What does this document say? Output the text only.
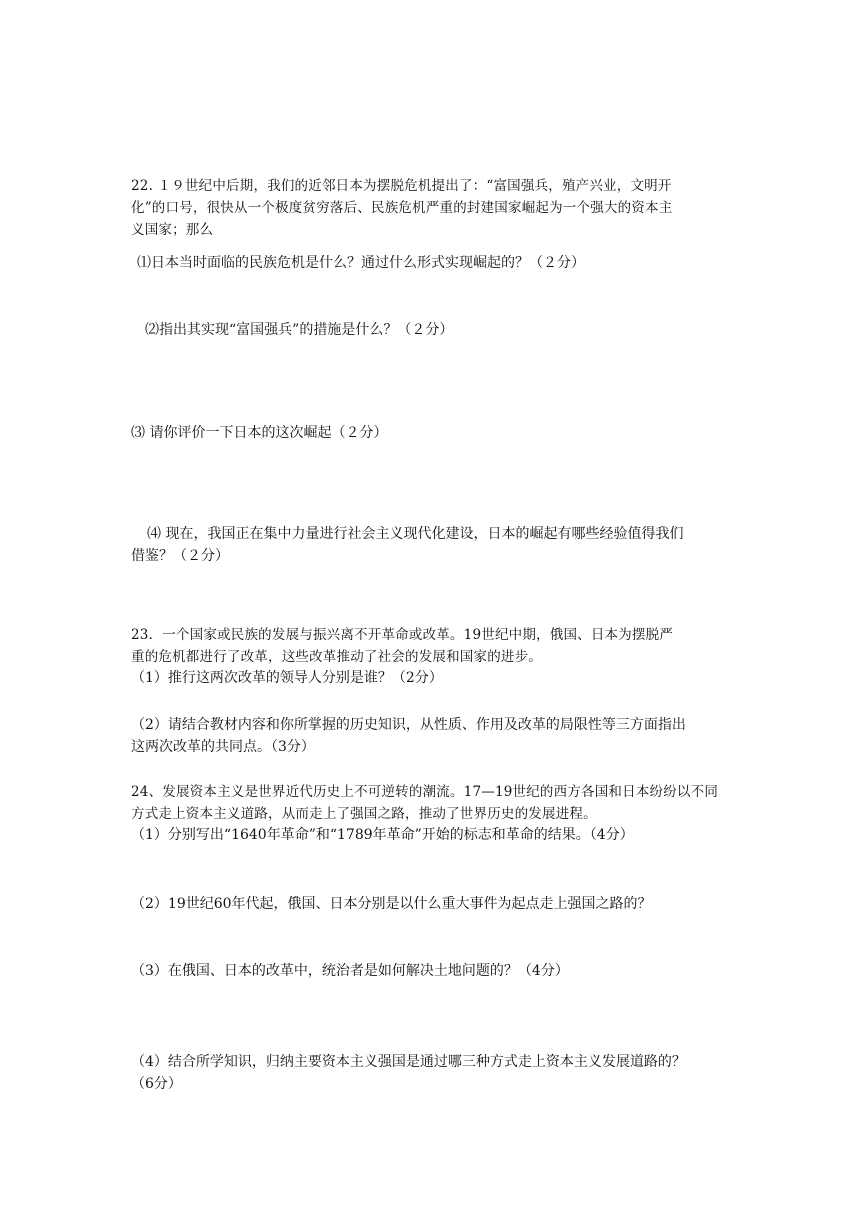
22. １９世纪中后期，我们的近邻日本为摆脱危机提出了：“富国强兵，殖产兴业，文明开
化”的口号，很快从一个极度贫穷落后、民族危机严重的封建国家崛起为一个强大的资本主
义国家；那么
⑴日本当时面临的民族危机是什么？通过什么形式实现崛起的？（２分）
⑵指出其实现“富国强兵”的措施是什么？（２分）
⑶ 请你评价一下日本的这次崛起（２分）
⑷ 现在，我国正在集中力量进行社会主义现代化建设，日本的崛起有哪些经验值得我们
借鉴？（２分）
23．一个国家或民族的发展与振兴离不开革命或改革。19世纪中期，俄国、日本为摆脱严
重的危机都进行了改革，这些改革推动了社会的发展和国家的进步。
（1）推行这两次改革的领导人分别是谁？（2分）
（2）请结合教材内容和你所掌握的历史知识，从性质、作用及改革的局限性等三方面指出
这两次改革的共同点。（3分）
24、发展资本主义是世界近代历史上不可逆转的潮流。17—19世纪的西方各国和日本纷纷以不同
方式走上资本主义道路，从而走上了强国之路，推动了世界历史的发展进程。
（1）分别写出“1640年革命”和“1789年革命”开始的标志和革命的结果。（4分）
（2）19世纪60年代起，俄国、日本分别是以什么重大事件为起点走上强国之路的？
（3）在俄国、日本的改革中，统治者是如何解决土地问题的？（4分）
（4）结合所学知识，归纳主要资本主义强国是通过哪三种方式走上资本主义发展道路的？
（6分）
